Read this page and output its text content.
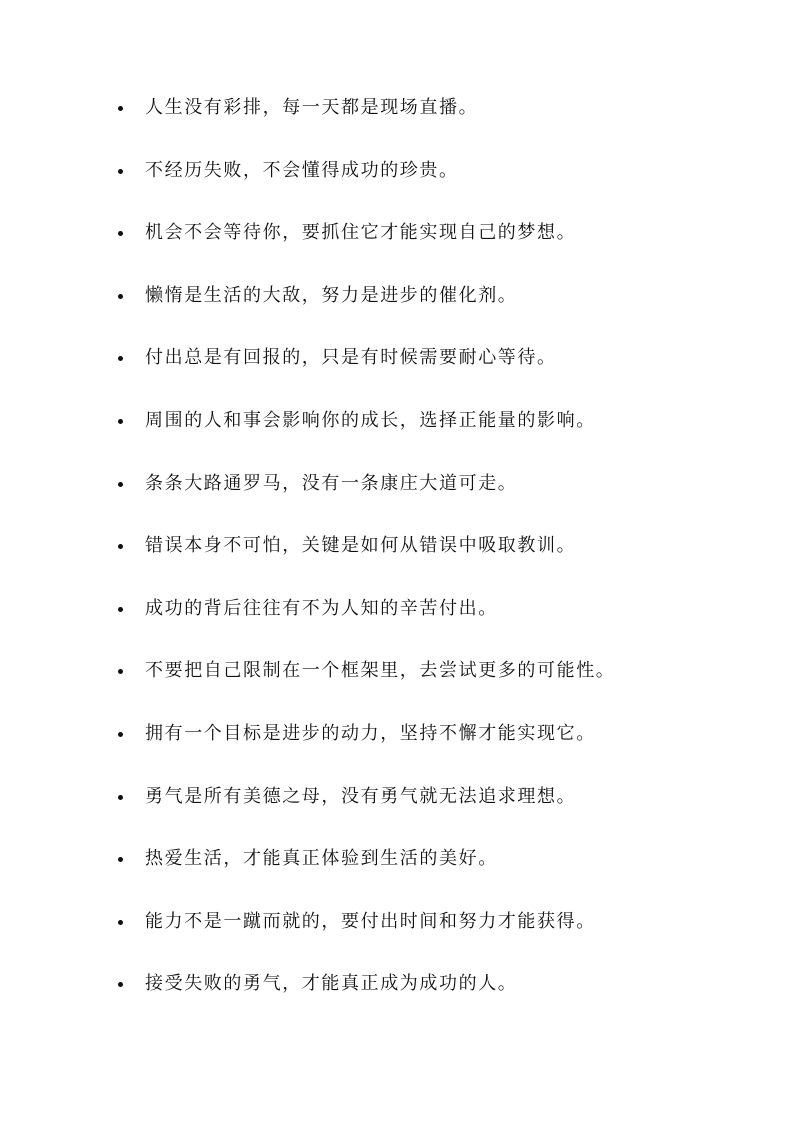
人生没有彩排，每一天都是现场直播。
不经历失败，不会懂得成功的珍贵。
机会不会等待你，要抓住它才能实现自己的梦想。
懒惰是生活的大敌，努力是进步的催化剂。
付出总是有回报的，只是有时候需要耐心等待。
周围的人和事会影响你的成长，选择正能量的影响。
条条大路通罗马，没有一条康庄大道可走。
错误本身不可怕，关键是如何从错误中吸取教训。
成功的背后往往有不为人知的辛苦付出。
不要把自己限制在一个框架里，去尝试更多的可能性。
拥有一个目标是进步的动力，坚持不懈才能实现它。
勇气是所有美德之母，没有勇气就无法追求理想。
热爱生活，才能真正体验到生活的美好。
能力不是一蹴而就的，要付出时间和努力才能获得。
接受失败的勇气，才能真正成为成功的人。
